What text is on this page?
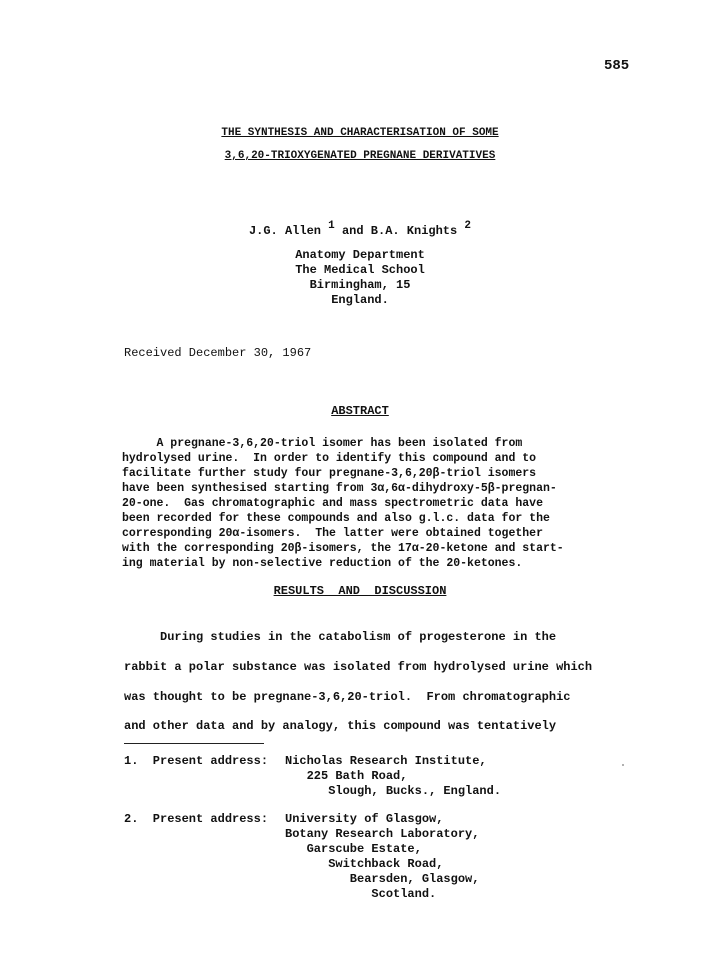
585
THE SYNTHESIS AND CHARACTERISATION OF SOME
3,6,20-TRIOXYGENATED PREGNANE DERIVATIVES
J.G. Allen $^1$ and B.A. Knights $^2$
Anatomy Department
The Medical School
Birmingham, 15
England.
Received December 30, 1967
ABSTRACT
A pregnane-3,6,20-triol isomer has been isolated from
hydrolysed urine.  In order to identify this compound and to
facilitate further study four pregnane-3,6,20β-triol isomers
have been synthesised starting from 3α,6α-dihydroxy-5β-pregnan-
20-one.  Gas chromatographic and mass spectrometric data have
been recorded for these compounds and also g.l.c. data for the
corresponding 20α-isomers.  The latter were obtained together
with the corresponding 20β-isomers, the 17α-20-ketone and start-
ing material by non-selective reduction of the 20-ketones.
RESULTS  AND  DISCUSSION
During studies in the catabolism of progesterone in the
rabbit a polar substance was isolated from hydrolysed urine which
was thought to be pregnane-3,6,20-triol.  From chromatographic
and other data and by analogy, this compound was tentatively
1.  Present address: Nicholas Research Institute,
225 Bath Road,
Slough, Bucks., England.
2.  Present address: University of Glasgow,
Botany Research Laboratory,
Garscube Estate,
Switchback Road,
Bearsden, Glasgow,
Scotland.
